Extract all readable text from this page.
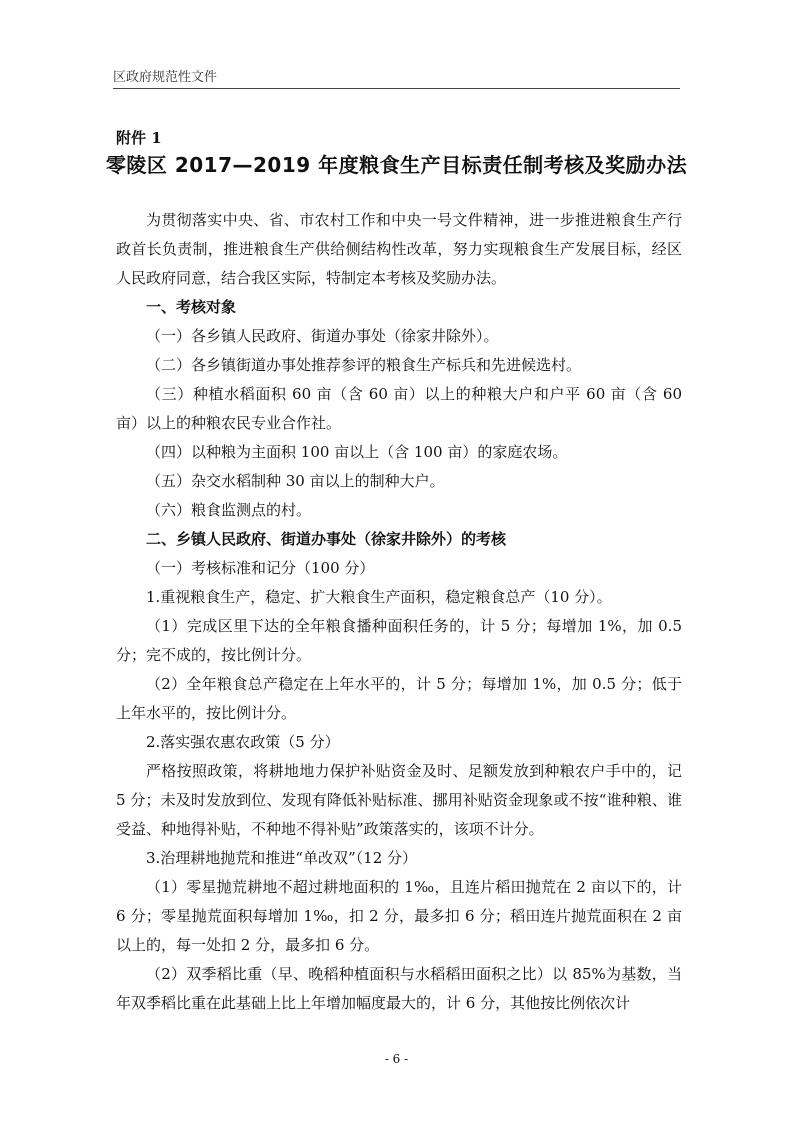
区政府规范性文件
附件 1
零陵区 2017—2019 年度粮食生产目标责任制考核及奖励办法

为贯彻落实中央、省、市农村工作和中央一号文件精神，进一步推进粮食生产行政首长负责制，推进粮食生产供给侧结构性改革，努力实现粮食生产发展目标，经区人民政府同意，结合我区实际，特制定本考核及奖励办法。

一、考核对象

（一）各乡镇人民政府、街道办事处（徐家井除外）。

（二）各乡镇街道办事处推荐参评的粮食生产标兵和先进候选村。

（三）种植水稻面积 60 亩（含 60 亩）以上的种粮大户和户平 60 亩（含 60 亩）以上的种粮农民专业合作社。

（四）以种粮为主面积 100 亩以上（含 100 亩）的家庭农场。

（五）杂交水稻制种 30 亩以上的制种大户。

（六）粮食监测点的村。

二、乡镇人民政府、街道办事处（徐家井除外）的考核

（一）考核标准和记分（100 分）

1.重视粮食生产，稳定、扩大粮食生产面积，稳定粮食总产（10 分）。

（1）完成区里下达的全年粮食播种面积任务的，计 5 分；每增加 1%，加 0.5 分；完不成的，按比例计分。

（2）全年粮食总产稳定在上年水平的，计 5 分；每增加 1%，加 0.5 分；低于上年水平的，按比例计分。

2.落实强农惠农政策（5 分）

严格按照政策，将耕地地力保护补贴资金及时、足额发放到种粮农户手中的，记 5 分；未及时发放到位、发现有降低补贴标准、挪用补贴资金现象或不按“谁种粮、谁受益、种地得补贴，不种地不得补贴”政策落实的，该项不计分。

3.治理耕地抛荒和推进“单改双”（12 分）

（1）零星抛荒耕地不超过耕地面积的 1‰，且连片稻田抛荒在 2 亩以下的，计 6 分；零星抛荒面积每增加 1‰，扣 2 分，最多扣 6 分；稻田连片抛荒面积在 2 亩以上的，每一处扣 2 分，最多扣 6 分。

（2）双季稻比重（早、晚稻种植面积与水稻稻田面积之比）以 85%为基数，当年双季稻比重在此基础上比上年增加幅度最大的，计 6 分，其他按比例依次计

- 6 -
